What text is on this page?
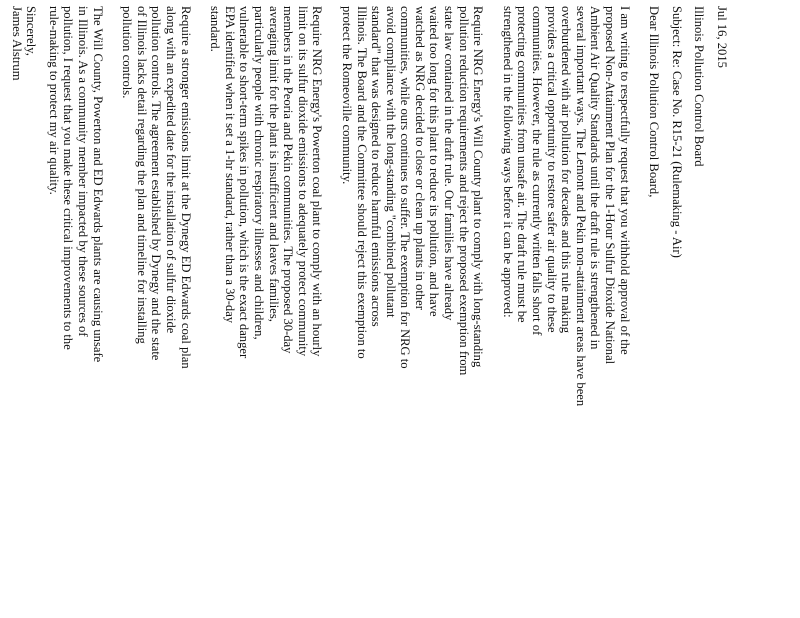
Jul 16, 2015

Illinois Pollution Control Board

Subject: Re: Case No. R15-21 (Rulemaking - Air)

Dear Illinois Pollution Control Board,

I am writing to respectfully request that you withhold approval of the
proposed Non-Attainment Plan for the 1-Hour Sulfur Dioxide National
Ambient Air Quality Standards until the draft rule is strengthened in
several important ways. The Lemont and Pekin non-attainment areas have been
overburdened with air pollution for decades and this rule making
provides a critical opportunity to restore safer air quality to these
communities. However, the rule as currently written falls short of
protecting communities from unsafe air. The draft rule must be
strengthened in the following ways before it can be approved:

Require NRG Energy's Will County plant to comply with long-standing
pollution reduction requirements and reject the proposed exemption from
state law contained in the draft rule. Our families have already
waited too long for this plant to reduce its pollution, and have
watched as NRG decided to close or clean up plants in other
communities, while ours continues to suffer. The exemption for NRG to
avoid compliance with the long-standing "combined pollutant
standard" that was designed to reduce harmful emissions across
Illinois. The Board and the Committee should reject this exemption to
protect the Romeoville community.

Require NRG Energy's Powerton coal plant to comply with an hourly
limit on its sulfur dioxide emissions to adequately protect community
members in the Peoria and Pekin communities. The proposed 30-day
averaging limit for the plant is insufficient and leaves families,
particularly people with chronic respiratory illnesses and children,
vulnerable to short-term spikes in pollution, which is the exact danger
EPA identified when it set a 1-hr standard, rather than a 30-day
standard.

Require a stronger emissions limit at the Dynegy ED Edwards coal plan
along with an expedited date for the installation of sulfur dioxide
pollution controls. The agreement established by Dynegy and the state
of Illinois lacks detail regarding the plan and timeline for installing
pollution controls.

The Will County, Powerton and ED Edwards plants are causing unsafe
in Illinois. As a community member impacted by these sources of
pollution, I request that you make these critical improvements to the
rule-making to protect my air quality.

Sincerely,

James Alstrum
